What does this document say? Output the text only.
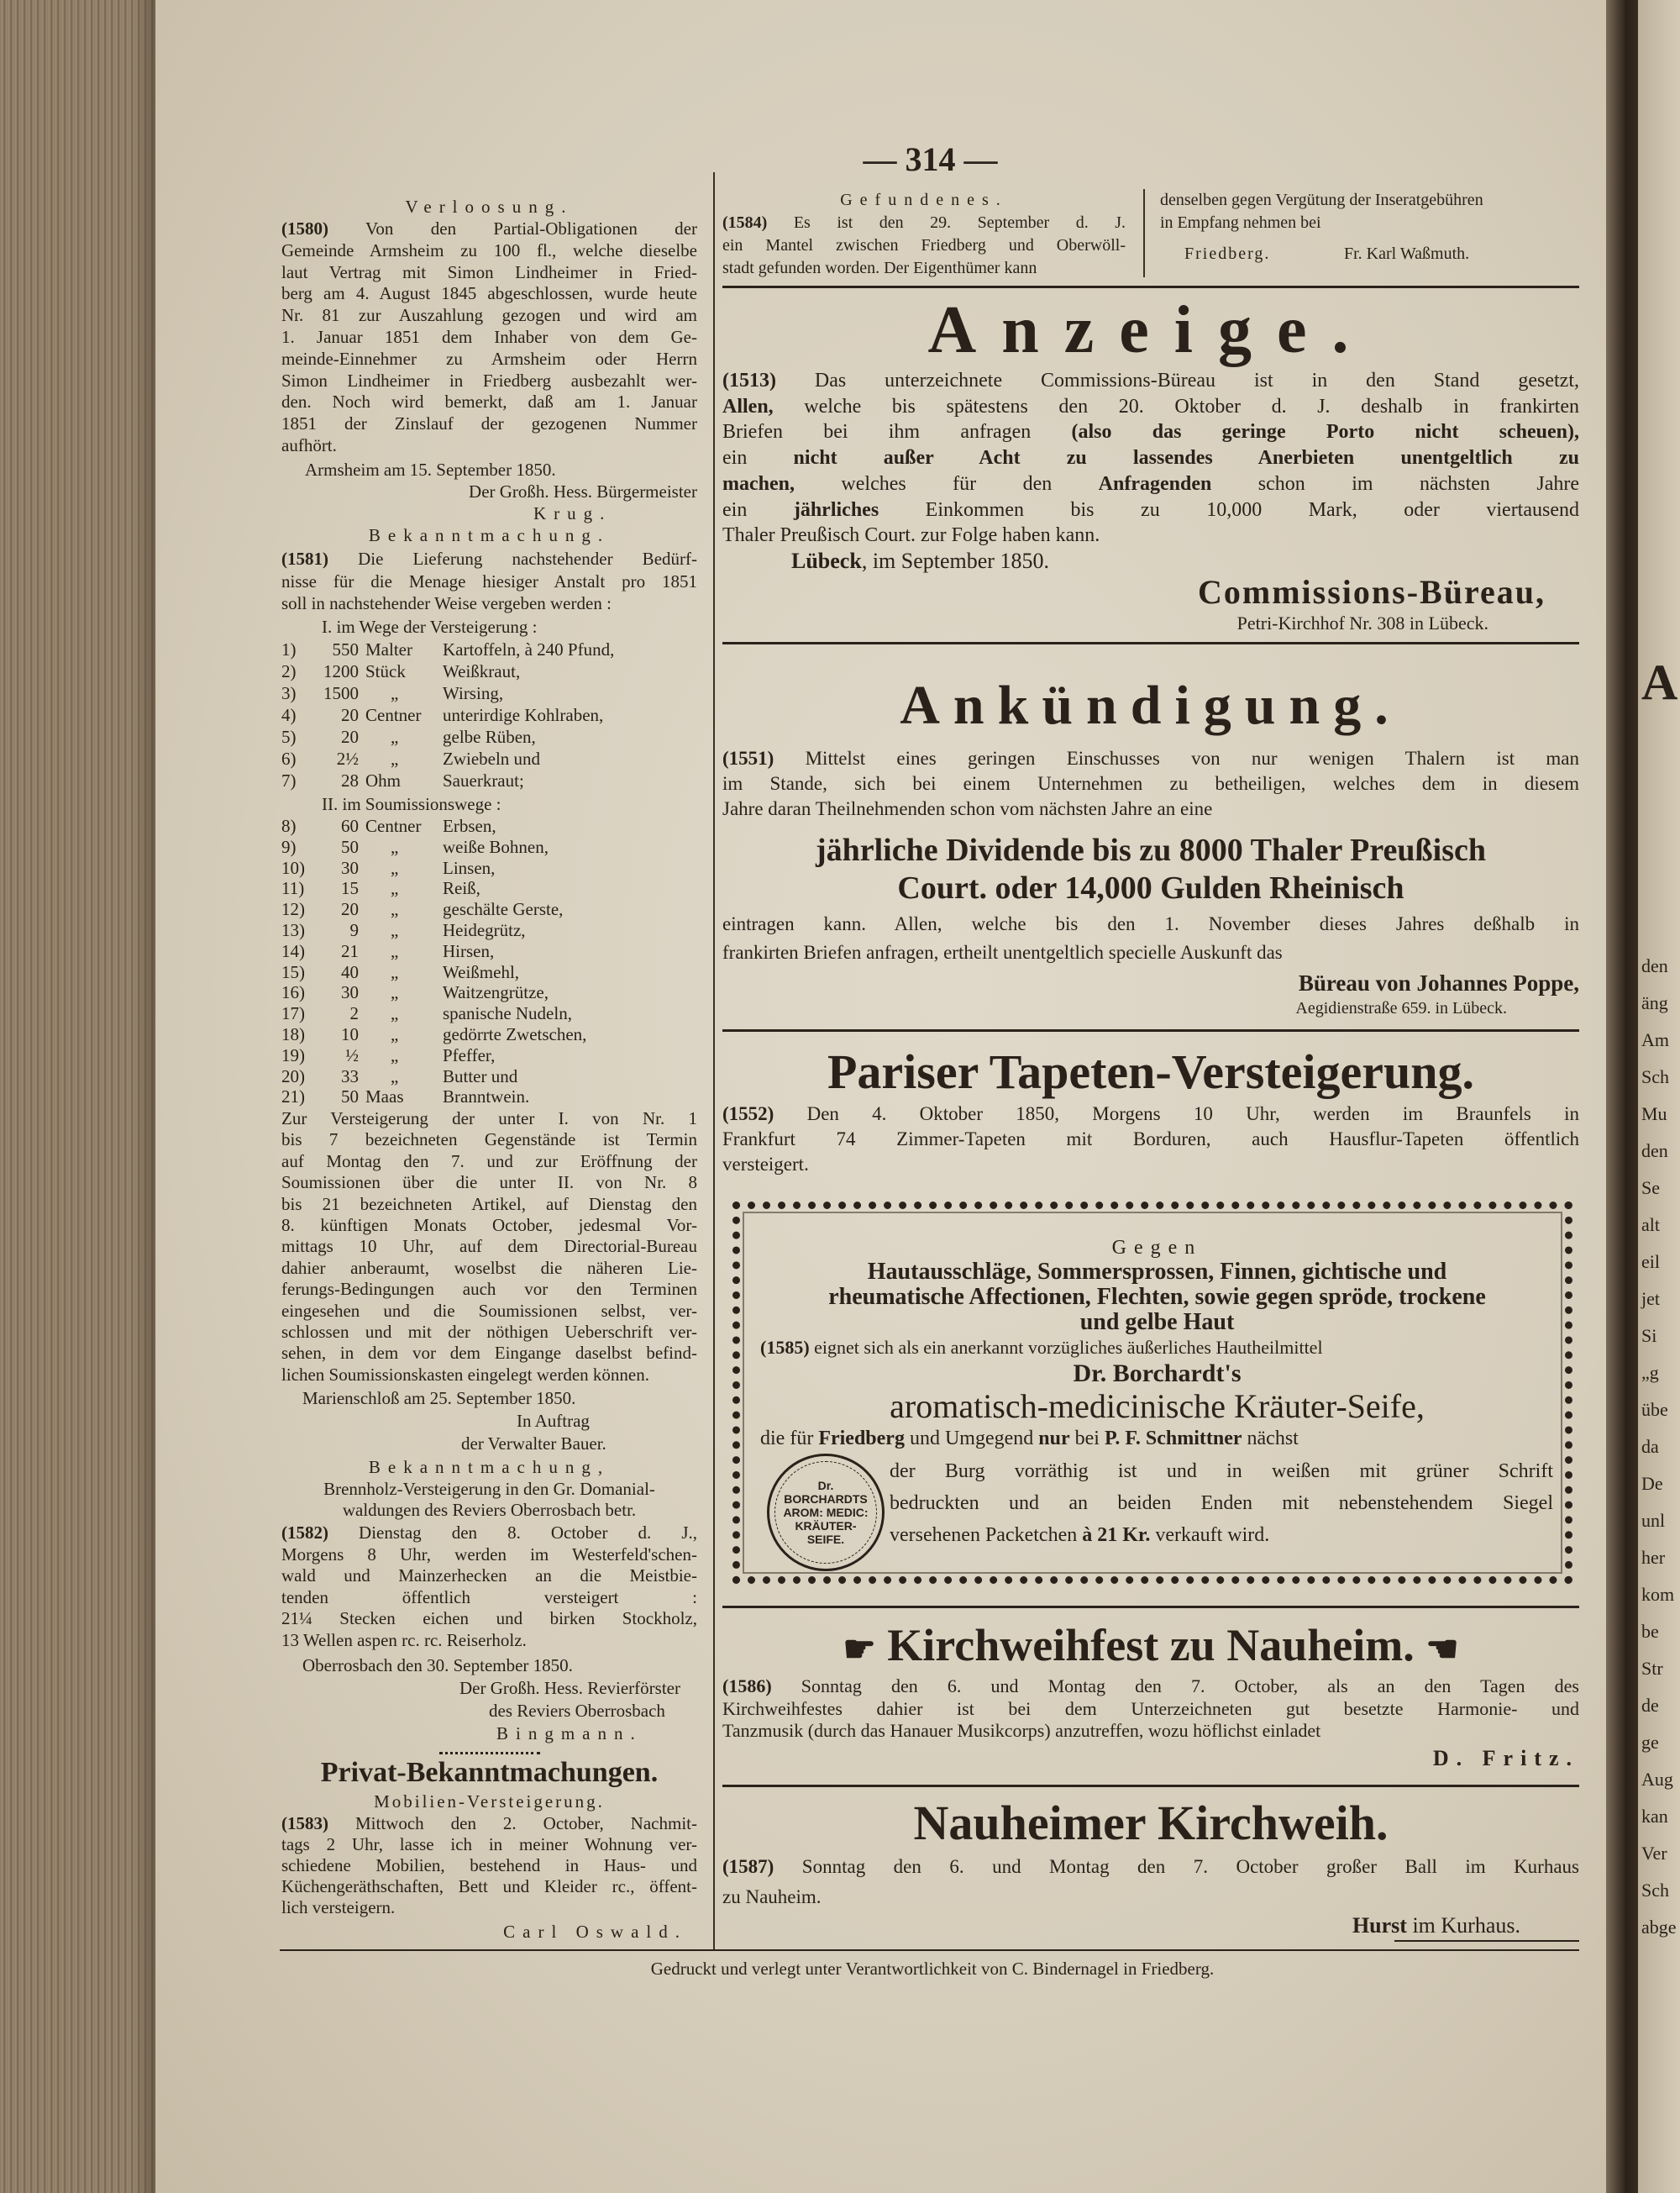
A
den
äng
Am
Sch
Mu
den
Se
alt
eil
jet
Si
„g
übe
da
De
unl
her
kom
be
Str
de
ge
Aug
kan
Ver
Sch
abge
— 314 —
Verloosung.
(1580) Von den Partial-Obligationen der
Gemeinde Armsheim zu 100 fl., welche dieselbe
laut Vertrag mit Simon Lindheimer in Fried-
berg am 4. August 1845 abgeschlossen, wurde heute
Nr. 81 zur Auszahlung gezogen und wird am
1. Januar 1851 dem Inhaber von dem Ge-
meinde-Einnehmer zu Armsheim oder Herrn
Simon Lindheimer in Friedberg ausbezahlt wer-
den. Noch wird bemerkt, daß am 1. Januar
1851 der Zinslauf der gezogenen Nummer
aufhört.
Armsheim am 15. September 1850.
Der Großh. Hess. Bürgermeister
Krug.
Bekanntmachung.
(1581) Die Lieferung nachstehender Bedürf-
nisse für die Menage hiesiger Anstalt pro 1851
soll in nachstehender Weise vergeben werden :
I. im Wege der Versteigerung :
1)	550 Malter	Kartoffeln, à 240 Pfund,
2)	1200 Stück	Weißkraut,
3)	1500	„	Wirsing,
4)	20 Centner	unterirdige Kohlraben,
5)	20	„	gelbe Rüben,
6)	2½	„	Zwiebeln und
7)	28 Ohm	Sauerkraut;
II. im Soumissionswege :
8)	60 Centner	Erbsen,
9)	50	„	weiße Bohnen,
10)	30	„	Linsen,
11)	15	„	Reiß,
12)	20	„	geschälte Gerste,
13)	9	„	Heidegrütz,
14)	21	„	Hirsen,
15)	40	„	Weißmehl,
16)	30	„	Waitzengrütze,
17)	2	„	spanische Nudeln,
18)	10	„	gedörrte Zwetschen,
19)	½	„	Pfeffer,
20)	33	„	Butter und
21)	50 Maas	Branntwein.
Zur Versteigerung der unter I. von Nr. 1
bis 7 bezeichneten Gegenstände ist Termin
auf Montag den 7. und zur Eröffnung der
Soumissionen über die unter II. von Nr. 8
bis 21 bezeichneten Artikel, auf Dienstag den
8. künftigen Monats October, jedesmal Vor-
mittags 10 Uhr, auf dem Directorial-Bureau
dahier anberaumt, woselbst die näheren Lie-
ferungs-Bedingungen auch vor den Terminen
eingesehen und die Soumissionen selbst, ver-
schlossen und mit der nöthigen Ueberschrift ver-
sehen, in dem vor dem Eingange daselbst befind-
lichen Soumissionskasten eingelegt werden können.
Marienschloß am 25. September 1850.
In Auftrag
der Verwalter Bauer.
Bekanntmachung,
Brennholz-Versteigerung in den Gr. Domanial-
waldungen des Reviers Oberrosbach betr.
(1582) Dienstag den 8. October d. J.,
Morgens 8 Uhr, werden im Westerfeld'schen-
wald und Mainzerhecken an die Meistbie-
tenden öffentlich versteigert :
21¼ Stecken eichen und birken Stockholz,
13 Wellen aspen rc. rc. Reiserholz.
Oberrosbach den 30. September 1850.
Der Großh. Hess. Revierförster
des Reviers Oberrosbach
Bingmann.
Privat-Bekanntmachungen.
Mobilien-Versteigerung.
(1583) Mittwoch den 2. October, Nachmit-
tags 2 Uhr, lasse ich in meiner Wohnung ver-
schiedene Mobilien, bestehend in Haus- und
Küchengeräthschaften, Bett und Kleider rc., öffent-
lich versteigern.
Carl Oswald.
Gefundenes.
(1584) Es ist den 29. September d. J.
ein Mantel zwischen Friedberg und Oberwöll-
stadt gefunden worden. Der Eigenthümer kann
denselben gegen Vergütung der Inseratgebühren
in Empfang nehmen bei
Friedberg.	Fr. Karl Waßmuth.
Anzeige.
(1513) Das unterzeichnete Commissions-Büreau ist in den Stand gesetzt,
Allen, welche bis spätestens den 20. Oktober d. J. deshalb in frankirten
Briefen bei ihm anfragen (also das geringe Porto nicht scheuen),
ein nicht außer Acht zu lassendes Anerbieten unentgeltlich zu
machen, welches für den Anfragenden schon im nächsten Jahre
ein jährliches Einkommen bis zu 10,000 Mark, oder viertausend
Thaler Preußisch Court. zur Folge haben kann.
Lübeck, im September 1850.
Commissions-Büreau,
Petri-Kirchhof Nr. 308 in Lübeck.
Ankündigung.
(1551) Mittelst eines geringen Einschusses von nur wenigen Thalern ist man
im Stande, sich bei einem Unternehmen zu betheiligen, welches dem in diesem
Jahre daran Theilnehmenden schon vom nächsten Jahre an eine
jährliche Dividende bis zu 8000 Thaler Preußisch
Court. oder 14,000 Gulden Rheinisch
eintragen kann. Allen, welche bis den 1. November dieses Jahres deßhalb in
frankirten Briefen anfragen, ertheilt unentgeltlich specielle Auskunft das
Büreau von Johannes Poppe,
Aegidienstraße 659. in Lübeck.
Pariser Tapeten-Versteigerung.
(1552) Den 4. Oktober 1850, Morgens 10 Uhr, werden im Braunfels in
Frankfurt 74 Zimmer-Tapeten mit Borduren, auch Hausflur-Tapeten öffentlich
versteigert.
Gegen
Hautausschläge, Sommersprossen, Finnen, gichtische und
rheumatische Affectionen, Flechten, sowie gegen spröde, trockene
und gelbe Haut
(1585) eignet sich als ein anerkannt vorzügliches äußerliches Hautheilmittel
Dr. Borchardt's
aromatisch-medicinische Kräuter-Seife,
die für Friedberg und Umgegend nur bei P. F. Schmittner nächst
der Burg vorräthig ist und in weißen mit grüner Schrift
bedruckten und an beiden Enden mit nebenstehendem Siegel
versehenen Packetchen à 21 Kr. verkauft wird.
Dr.
BORCHARDTS
AROM: MEDIC:
KRÄUTER-
SEIFE.
☛ Kirchweihfest zu Nauheim. ☚
(1586) Sonntag den 6. und Montag den 7. October, als an den Tagen des
Kirchweihfestes dahier ist bei dem Unterzeichneten gut besetzte Harmonie- und
Tanzmusik (durch das Hanauer Musikcorps) anzutreffen, wozu höflichst einladet
D. Fritz.
Nauheimer Kirchweih.
(1587) Sonntag den 6. und Montag den 7. October großer Ball im Kurhaus
zu Nauheim.
Hurst im Kurhaus.
Gedruckt und verlegt unter Verantwortlichkeit von C. Bindernagel in Friedberg.
